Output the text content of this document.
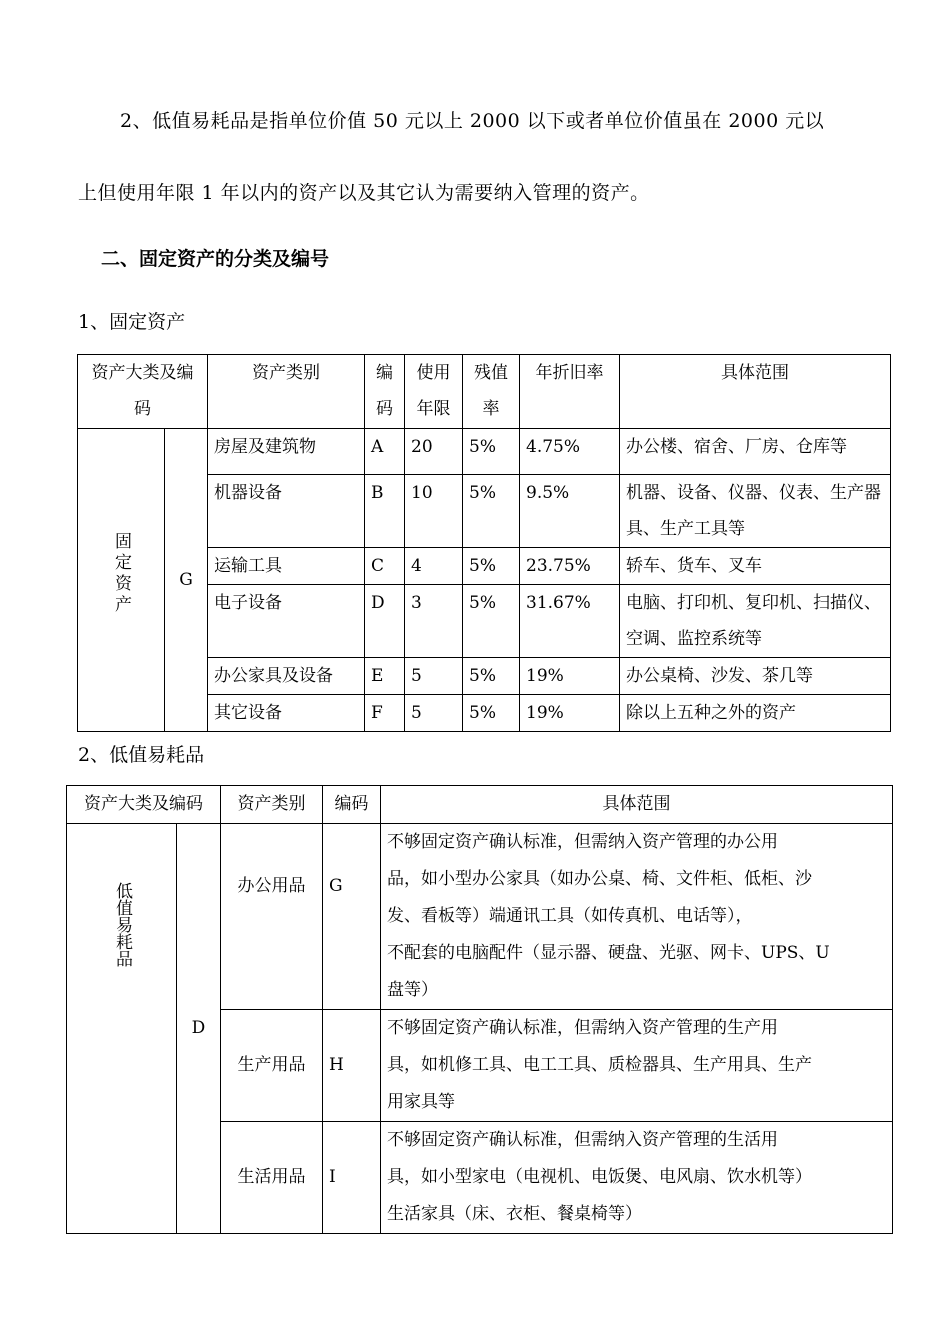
2、低值易耗品是指单位价值 50 元以上 2000 以下或者单位价值虽在 2000 元以
上但使用年限 1 年以内的资产以及其它认为需要纳入管理的资产。
二、固定资产的分类及编号
1、固定资产
资产大类及编码		资产类别	编码	使用年限	残值率	年折旧率	具体范围
固定资产	G	房屋及建筑物	A	20	5%	4.75%	办公楼、宿舍、厂房、仓库等
		机器设备	B	10	5%	9.5%	机器、设备、仪器、仪表、生产器具、生产工具等
		运输工具	C	4	5%	23.75%	轿车、货车、叉车
		电子设备	D	3	5%	31.67%	电脑、打印机、复印机、扫描仪、空调、监控系统等
		办公家具及设备	E	5	5%	19%	办公桌椅、沙发、茶几等
		其它设备	F	5	5%	19%	除以上五种之外的资产
2、低值易耗品
资产大类及编码		资产类别	编码	具体范围
低值易耗品	D	办公用品	G	不够固定资产确认标准，但需纳入资产管理的办公用
品，如小型办公家具（如办公桌、椅、文件柜、低柜、沙
发、看板等）端通讯工具（如传真机、电话等），
不配套的电脑配件（显示器、硬盘、光驱、网卡、UPS、U
盘等）

		生产用品	H	不够固定资产确认标准，但需纳入资产管理的生产用
具，如机修工具、电工工具、质检器具、生产用具、生产
用家具等

		生活用品	I	不够固定资产确认标准，但需纳入资产管理的生活用
具，如小型家电（电视机、电饭煲、电风扇、饮水机等）
生活家具（床、衣柜、餐桌椅等）
